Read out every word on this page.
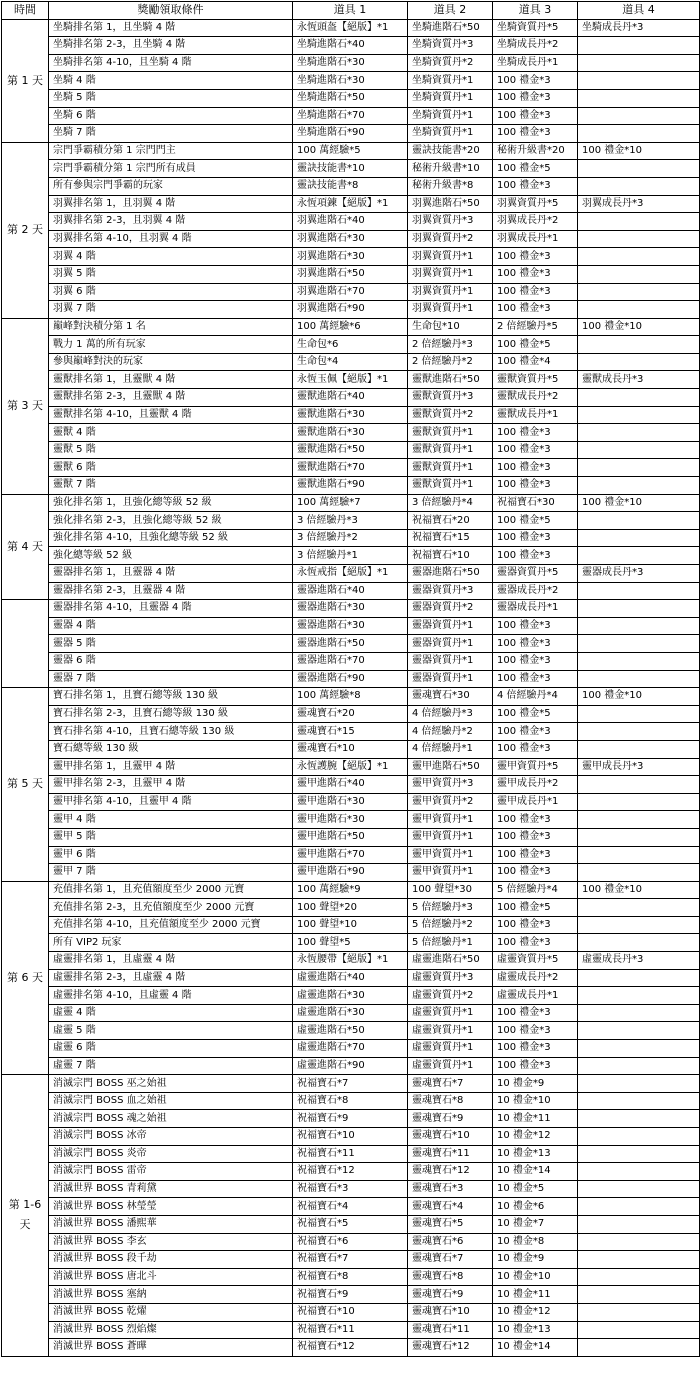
時間	獎勵領取條件	道具 1	道具 2	道具 3	道具 4
第 1 天	坐騎排名第 1，且坐騎 4 階	永恆頭盔【絕版】*1	坐騎進階石*50	坐騎資質丹*5	坐騎成長丹*3
	坐騎排名第 2-3，且坐騎 4 階	坐騎進階石*40	坐騎資質丹*3	坐騎成長丹*2	
	坐騎排名第 4-10，且坐騎 4 階	坐騎進階石*30	坐騎資質丹*2	坐騎成長丹*1	
	坐騎 4 階	坐騎進階石*30	坐騎資質丹*1	100 禮金*3	
	坐騎 5 階	坐騎進階石*50	坐騎資質丹*1	100 禮金*3	
	坐騎 6 階	坐騎進階石*70	坐騎資質丹*1	100 禮金*3	
	坐騎 7 階	坐騎進階石*90	坐騎資質丹*1	100 禮金*3	
第 2 天	宗門爭霸積分第 1 宗門門主	100 萬經驗*5	靈訣技能書*20	秘術升級書*20	100 禮金*10
	宗門爭霸積分第 1 宗門所有成員	靈訣技能書*10	秘術升級書*10	100 禮金*5	
	所有參與宗門爭霸的玩家	靈訣技能書*8	秘術升級書*8	100 禮金*3	
	羽翼排名第 1，且羽翼 4 階	永恆項鍊【絕版】*1	羽翼進階石*50	羽翼資質丹*5	羽翼成長丹*3
	羽翼排名第 2-3，且羽翼 4 階	羽翼進階石*40	羽翼資質丹*3	羽翼成長丹*2	
	羽翼排名第 4-10，且羽翼 4 階	羽翼進階石*30	羽翼資質丹*2	羽翼成長丹*1	
	羽翼 4 階	羽翼進階石*30	羽翼資質丹*1	100 禮金*3	
	羽翼 5 階	羽翼進階石*50	羽翼資質丹*1	100 禮金*3	
	羽翼 6 階	羽翼進階石*70	羽翼資質丹*1	100 禮金*3	
	羽翼 7 階	羽翼進階石*90	羽翼資質丹*1	100 禮金*3	
第 3 天	巔峰對決積分第 1 名	100 萬經驗*6	生命包*10	2 倍經驗丹*5	100 禮金*10
	戰力 1 萬的所有玩家	生命包*6	2 倍經驗丹*3	100 禮金*5	
	參與巔峰對決的玩家	生命包*4	2 倍經驗丹*2	100 禮金*4	
	靈獸排名第 1，且靈獸 4 階	永恆玉佩【絕版】*1	靈獸進階石*50	靈獸資質丹*5	靈獸成長丹*3
	靈獸排名第 2-3，且靈獸 4 階	靈獸進階石*40	靈獸資質丹*3	靈獸成長丹*2	
	靈獸排名第 4-10，且靈獸 4 階	靈獸進階石*30	靈獸資質丹*2	靈獸成長丹*1	
	靈獸 4 階	靈獸進階石*30	靈獸資質丹*1	100 禮金*3	
	靈獸 5 階	靈獸進階石*50	靈獸資質丹*1	100 禮金*3	
	靈獸 6 階	靈獸進階石*70	靈獸資質丹*1	100 禮金*3	
	靈獸 7 階	靈獸進階石*90	靈獸資質丹*1	100 禮金*3	
第 4 天	強化排名第 1，且強化總等級 52 級	100 萬經驗*7	3 倍經驗丹*4	祝福寶石*30	100 禮金*10
	強化排名第 2-3，且強化總等級 52 級	3 倍經驗丹*3	祝福寶石*20	100 禮金*5	
	強化排名第 4-10，且強化總等級 52 級	3 倍經驗丹*2	祝福寶石*15	100 禮金*3	
	強化總等級 52 級	3 倍經驗丹*1	祝福寶石*10	100 禮金*3	
	靈器排名第 1，且靈器 4 階	永恆戒指【絕版】*1	靈器進階石*50	靈器資質丹*5	靈器成長丹*3
	靈器排名第 2-3，且靈器 4 階	靈器進階石*40	靈器資質丹*3	靈器成長丹*2	
	靈器排名第 4-10，且靈器 4 階	靈器進階石*30	靈器資質丹*2	靈器成長丹*1	
	靈器 4 階	靈器進階石*30	靈器資質丹*1	100 禮金*3	
	靈器 5 階	靈器進階石*50	靈器資質丹*1	100 禮金*3	
	靈器 6 階	靈器進階石*70	靈器資質丹*1	100 禮金*3	
	靈器 7 階	靈器進階石*90	靈器資質丹*1	100 禮金*3	
第 5 天	寶石排名第 1，且寶石總等級 130 級	100 萬經驗*8	靈魂寶石*30	4 倍經驗丹*4	100 禮金*10
	寶石排名第 2-3，且寶石總等級 130 級	靈魂寶石*20	4 倍經驗丹*3	100 禮金*5	
	寶石排名第 4-10，且寶石總等級 130 級	靈魂寶石*15	4 倍經驗丹*2	100 禮金*3	
	寶石總等級 130 級	靈魂寶石*10	4 倍經驗丹*1	100 禮金*3	
	靈甲排名第 1，且靈甲 4 階	永恆護腕【絕版】*1	靈甲進階石*50	靈甲資質丹*5	靈甲成長丹*3
	靈甲排名第 2-3，且靈甲 4 階	靈甲進階石*40	靈甲資質丹*3	靈甲成長丹*2	
	靈甲排名第 4-10，且靈甲 4 階	靈甲進階石*30	靈甲資質丹*2	靈甲成長丹*1	
	靈甲 4 階	靈甲進階石*30	靈甲資質丹*1	100 禮金*3	
	靈甲 5 階	靈甲進階石*50	靈甲資質丹*1	100 禮金*3	
	靈甲 6 階	靈甲進階石*70	靈甲資質丹*1	100 禮金*3	
	靈甲 7 階	靈甲進階石*90	靈甲資質丹*1	100 禮金*3	
第 6 天	充值排名第 1，且充值額度至少 2000 元寶	100 萬經驗*9	100 聲望*30	5 倍經驗丹*4	100 禮金*10
	充值排名第 2-3，且充值額度至少 2000 元寶	100 聲望*20	5 倍經驗丹*3	100 禮金*5	
	充值排名第 4-10，且充值額度至少 2000 元寶	100 聲望*10	5 倍經驗丹*2	100 禮金*3	
	所有 VIP2 玩家	100 聲望*5	5 倍經驗丹*1	100 禮金*3	
	虛靈排名第 1，且虛靈 4 階	永恆腰帶【絕版】*1	虛靈進階石*50	虛靈資質丹*5	虛靈成長丹*3
	虛靈排名第 2-3，且虛靈 4 階	虛靈進階石*40	虛靈資質丹*3	虛靈成長丹*2	
	虛靈排名第 4-10，且虛靈 4 階	虛靈進階石*30	虛靈資質丹*2	虛靈成長丹*1	
	虛靈 4 階	虛靈進階石*30	虛靈資質丹*1	100 禮金*3	
	虛靈 5 階	虛靈進階石*50	虛靈資質丹*1	100 禮金*3	
	虛靈 6 階	虛靈進階石*70	虛靈資質丹*1	100 禮金*3	
	虛靈 7 階	虛靈進階石*90	虛靈資質丹*1	100 禮金*3	
第 1-6 天	消滅宗門 BOSS 巫之始祖	祝福寶石*7	靈魂寶石*7	10 禮金*9	
	消滅宗門 BOSS 血之始祖	祝福寶石*8	靈魂寶石*8	10 禮金*10	
	消滅宗門 BOSS 魂之始祖	祝福寶石*9	靈魂寶石*9	10 禮金*11	
	消滅宗門 BOSS 冰帝	祝福寶石*10	靈魂寶石*10	10 禮金*12	
	消滅宗門 BOSS 炎帝	祝福寶石*11	靈魂寶石*11	10 禮金*13	
	消滅宗門 BOSS 雷帝	祝福寶石*12	靈魂寶石*12	10 禮金*14	
	消滅世界 BOSS 青莉黛	祝福寶石*3	靈魂寶石*3	10 禮金*5	
	消滅世界 BOSS 林瑩瑩	祝福寶石*4	靈魂寶石*4	10 禮金*6	
	消滅世界 BOSS 潘熙華	祝福寶石*5	靈魂寶石*5	10 禮金*7	
	消滅世界 BOSS 李玄	祝福寶石*6	靈魂寶石*6	10 禮金*8	
	消滅世界 BOSS 段千劫	祝福寶石*7	靈魂寶石*7	10 禮金*9	
	消滅世界 BOSS 唐北斗	祝福寶石*8	靈魂寶石*8	10 禮金*10	
	消滅世界 BOSS 塞納	祝福寶石*9	靈魂寶石*9	10 禮金*11	
	消滅世界 BOSS 乾燿	祝福寶石*10	靈魂寶石*10	10 禮金*12	
	消滅世界 BOSS 烈焰燦	祝福寶石*11	靈魂寶石*11	10 禮金*13	
	消滅世界 BOSS 蒼曄	祝福寶石*12	靈魂寶石*12	10 禮金*14	
